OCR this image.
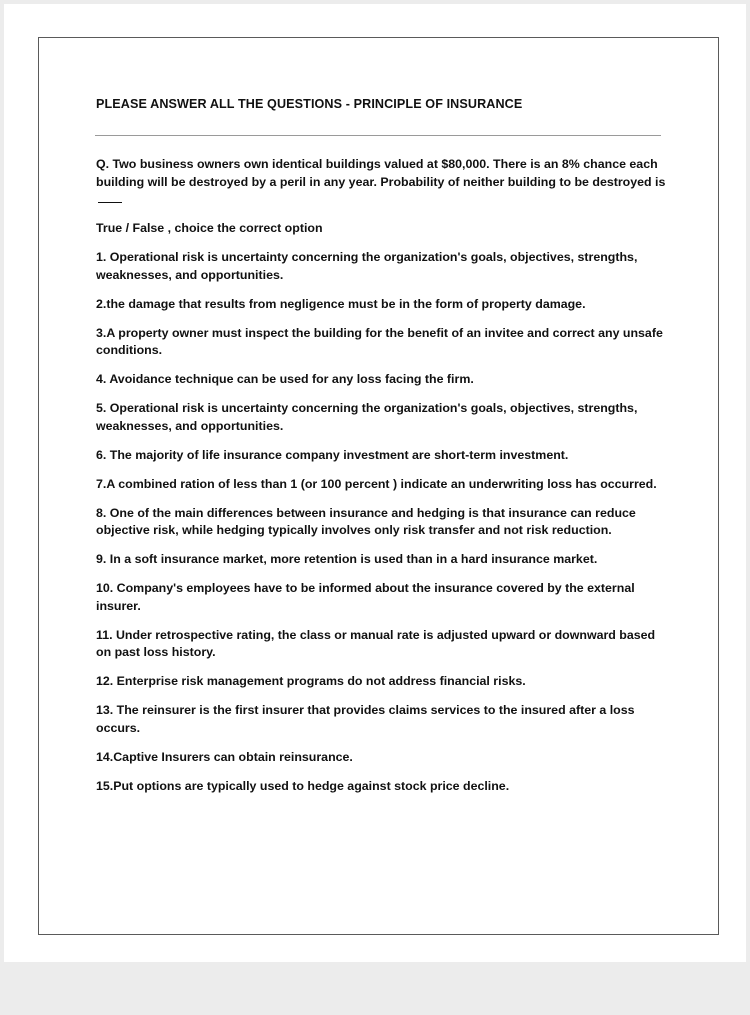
PLEASE ANSWER ALL THE QUESTIONS - PRINCIPLE OF INSURANCE

Q. Two business owners own identical buildings valued at $80,000. There is an 8% chance each building will be destroyed by a peril in any year. Probability of neither building to be destroyed is

True / False , choice the correct option

1. Operational risk is uncertainty concerning the organization's goals, objectives, strengths, weaknesses, and opportunities.

2.the damage that results from negligence must be in the form of property damage.

3.A property owner must inspect the building for the benefit of an invitee and correct any unsafe conditions.

4. Avoidance technique can be used for any loss facing the firm.

5. Operational risk is uncertainty concerning the organization's goals, objectives, strengths, weaknesses, and opportunities.

6. The majority of life insurance company investment are short-term investment.

7.A combined ration of less than 1 (or 100 percent ) indicate an underwriting loss has occurred.

8. One of the main differences between insurance and hedging is that insurance can reduce objective risk, while hedging typically involves only risk transfer and not risk reduction.

9. In a soft insurance market, more retention is used than in a hard insurance market.

10. Company's employees have to be informed about the insurance covered by the external insurer.

11. Under retrospective rating, the class or manual rate is adjusted upward or downward based on past loss history.

12. Enterprise risk management programs do not address financial risks.

13. The reinsurer is the first insurer that provides claims services to the insured after a loss occurs.

14.Captive Insurers can obtain reinsurance.

15.Put options are typically used to hedge against stock price decline.
